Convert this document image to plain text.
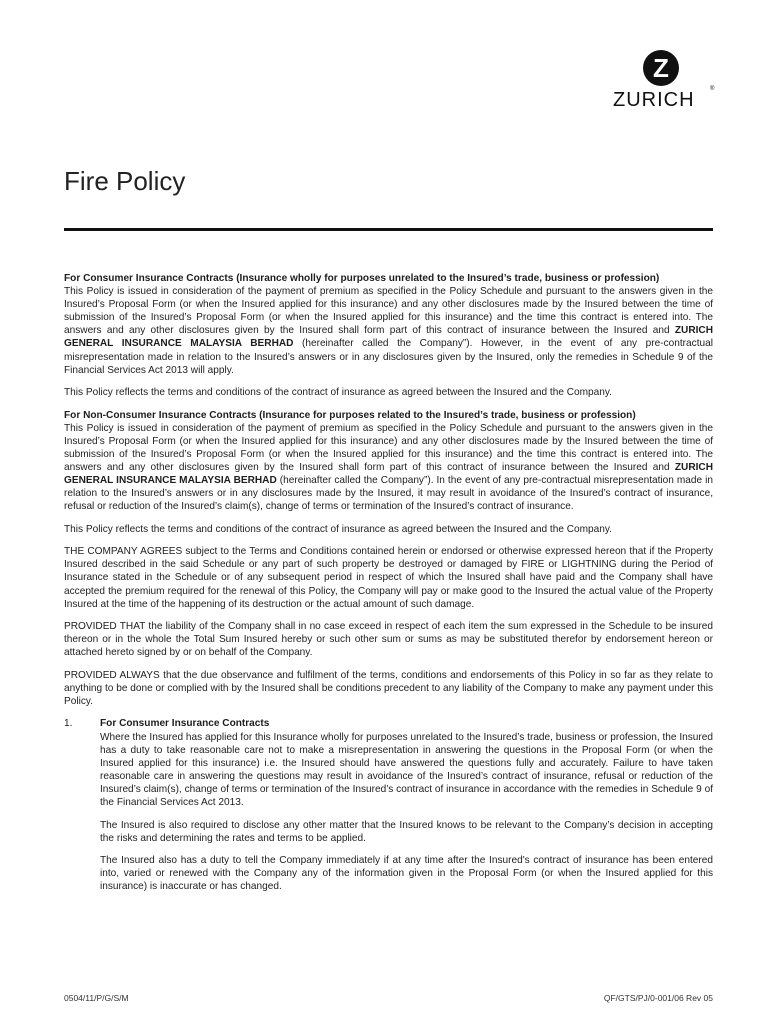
Z
ZURICH	®
Fire Policy

For Consumer Insurance Contracts (Insurance wholly for purposes unrelated to the Insured’s trade, business or profession)

This Policy is issued in consideration of the payment of premium as specified in the Policy Schedule and pursuant to the answers given in the Insured’s Proposal Form (or when the Insured applied for this insurance) and any other disclosures made by the Insured between the time of submission of the Insured’s Proposal Form (or when the Insured applied for this insurance) and the time this contract is entered into. The answers and any other disclosures given by the Insured shall form part of this contract of insurance between the Insured and ZURICH GENERAL INSURANCE MALAYSIA BERHAD (hereinafter called the Company”). However, in the event of any pre-contractual misrepresentation made in relation to the Insured’s answers or in any disclosures given by the Insured, only the remedies in Schedule 9 of the Financial Services Act 2013 will apply.

This Policy reflects the terms and conditions of the contract of insurance as agreed between the Insured and the Company.

For Non-Consumer Insurance Contracts (Insurance for purposes related to the Insured’s trade, business or profession)

This Policy is issued in consideration of the payment of premium as specified in the Policy Schedule and pursuant to the answers given in the Insured’s Proposal Form (or when the Insured applied for this insurance) and any other disclosures made by the Insured between the time of submission of the Insured’s Proposal Form (or when the Insured applied for this insurance) and the time this contract is entered into. The answers and any other disclosures given by the Insured shall form part of this contract of insurance between the Insured and ZURICH GENERAL INSURANCE MALAYSIA BERHAD (hereinafter called the Company”). In the event of any pre-contractual misrepresentation made in relation to the Insured’s answers or in any disclosures made by the Insured, it may result in avoidance of the Insured’s contract of insurance, refusal or reduction of the Insured’s claim(s), change of terms or termination of the Insured’s contract of insurance.

This Policy reflects the terms and conditions of the contract of insurance as agreed between the Insured and the Company.

THE COMPANY AGREES subject to the Terms and Conditions contained herein or endorsed or otherwise expressed hereon that if the Property Insured described in the said Schedule or any part of such property be destroyed or damaged by FIRE or LIGHTNING during the Period of Insurance stated in the Schedule or of any subsequent period in respect of which the Insured shall have paid and the Company shall have accepted the premium required for the renewal of this Policy, the Company will pay or make good to the Insured the actual value of the Property Insured at the time of the happening of its destruction or the actual amount of such damage.

PROVIDED THAT the liability of the Company shall in no case exceed in respect of each item the sum expressed in the Schedule to be insured thereon or in the whole the Total Sum Insured hereby or such other sum or sums as may be substituted therefor by endorsement hereon or attached hereto signed by or on behalf of the Company.

PROVIDED ALWAYS that the due observance and fulfilment of the terms, conditions and endorsements of this Policy in so far as they relate to anything to be done or complied with by the Insured shall be conditions precedent to any liability of the Company to make any payment under this Policy.

1.	For Consumer Insurance Contracts

Where the Insured has applied for this Insurance wholly for purposes unrelated to the Insured’s trade, business or profession, the Insured has a duty to take reasonable care not to make a misrepresentation in answering the questions in the Proposal Form (or when the Insured applied for this insurance) i.e. the Insured should have answered the questions fully and accurately. Failure to have taken reasonable care in answering the questions may result in avoidance of the Insured’s contract of insurance, refusal or reduction of the Insured’s claim(s), change of terms or termination of the Insured’s contract of insurance in accordance with the remedies in Schedule 9 of the Financial Services Act 2013.

The Insured is also required to disclose any other matter that the Insured knows to be relevant to the Company’s decision in accepting the risks and determining the rates and terms to be applied.

The Insured also has a duty to tell the Company immediately if at any time after the Insured's contract of insurance has been entered into, varied or renewed with the Company any of the information given in the Proposal Form (or when the Insured applied for this insurance) is inaccurate or has changed.

0504/11/P/G/S/M	QF/GTS/PJ/0-001/06 Rev 05
